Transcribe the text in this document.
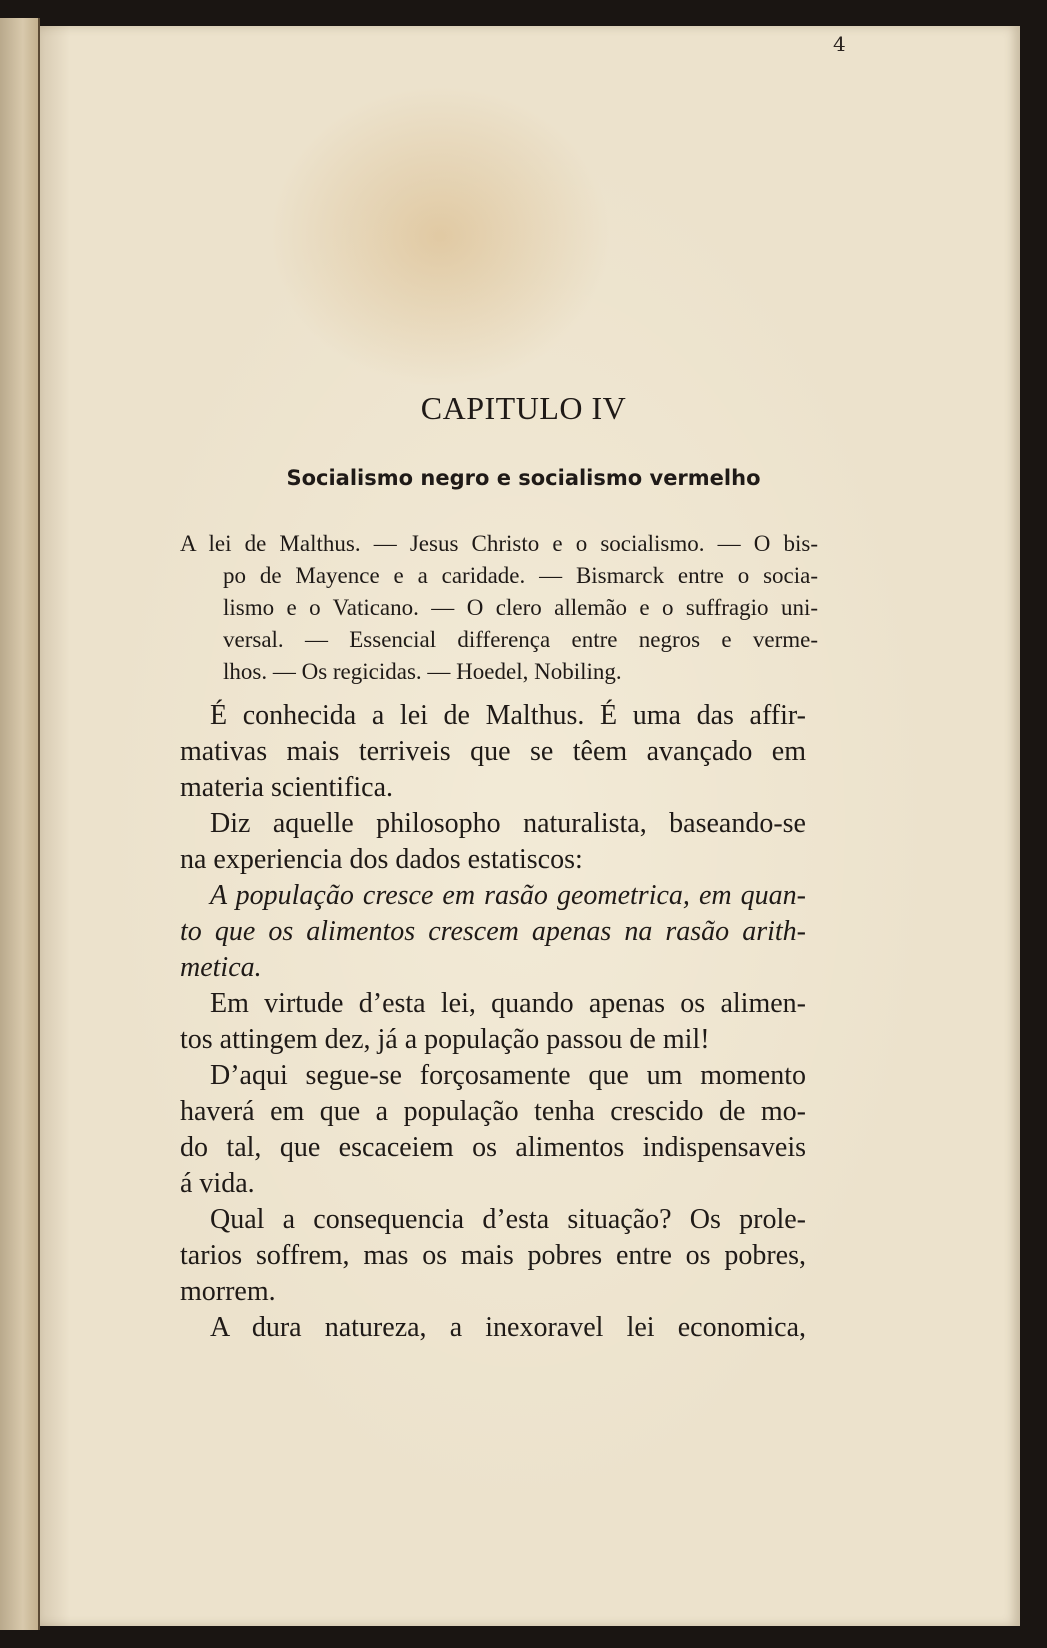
4
CAPITULO IV
Socialismo negro e socialismo vermelho
A lei de Malthus. — Jesus Christo e o socialismo. — O bis-
po de Mayence e a caridade. — Bismarck entre o socia-
lismo e o Vaticano. — O clero allemão e o suffragio uni-
versal. — Essencial differença entre negros e verme-
lhos. — Os regicidas. — Hoedel, Nobiling.
É conhecida a lei de Malthus. É uma das affir-
mativas mais terriveis que se têem avançado em
materia scientifica.
Diz aquelle philosopho naturalista, baseando-se
na experiencia dos dados estatiscos:
A população cresce em rasão geometrica, em quan-
to que os alimentos crescem apenas na rasão arith-
metica.
Em virtude d’esta lei, quando apenas os alimen-
tos attingem dez, já a população passou de mil!
D’aqui segue-se forçosamente que um momento
haverá em que a população tenha crescido de mo-
do tal, que escaceiem os alimentos indispensaveis
á vida.
Qual a consequencia d’esta situação? Os prole-
tarios soffrem, mas os mais pobres entre os pobres,
morrem.
A dura natureza, a inexoravel lei economica,
